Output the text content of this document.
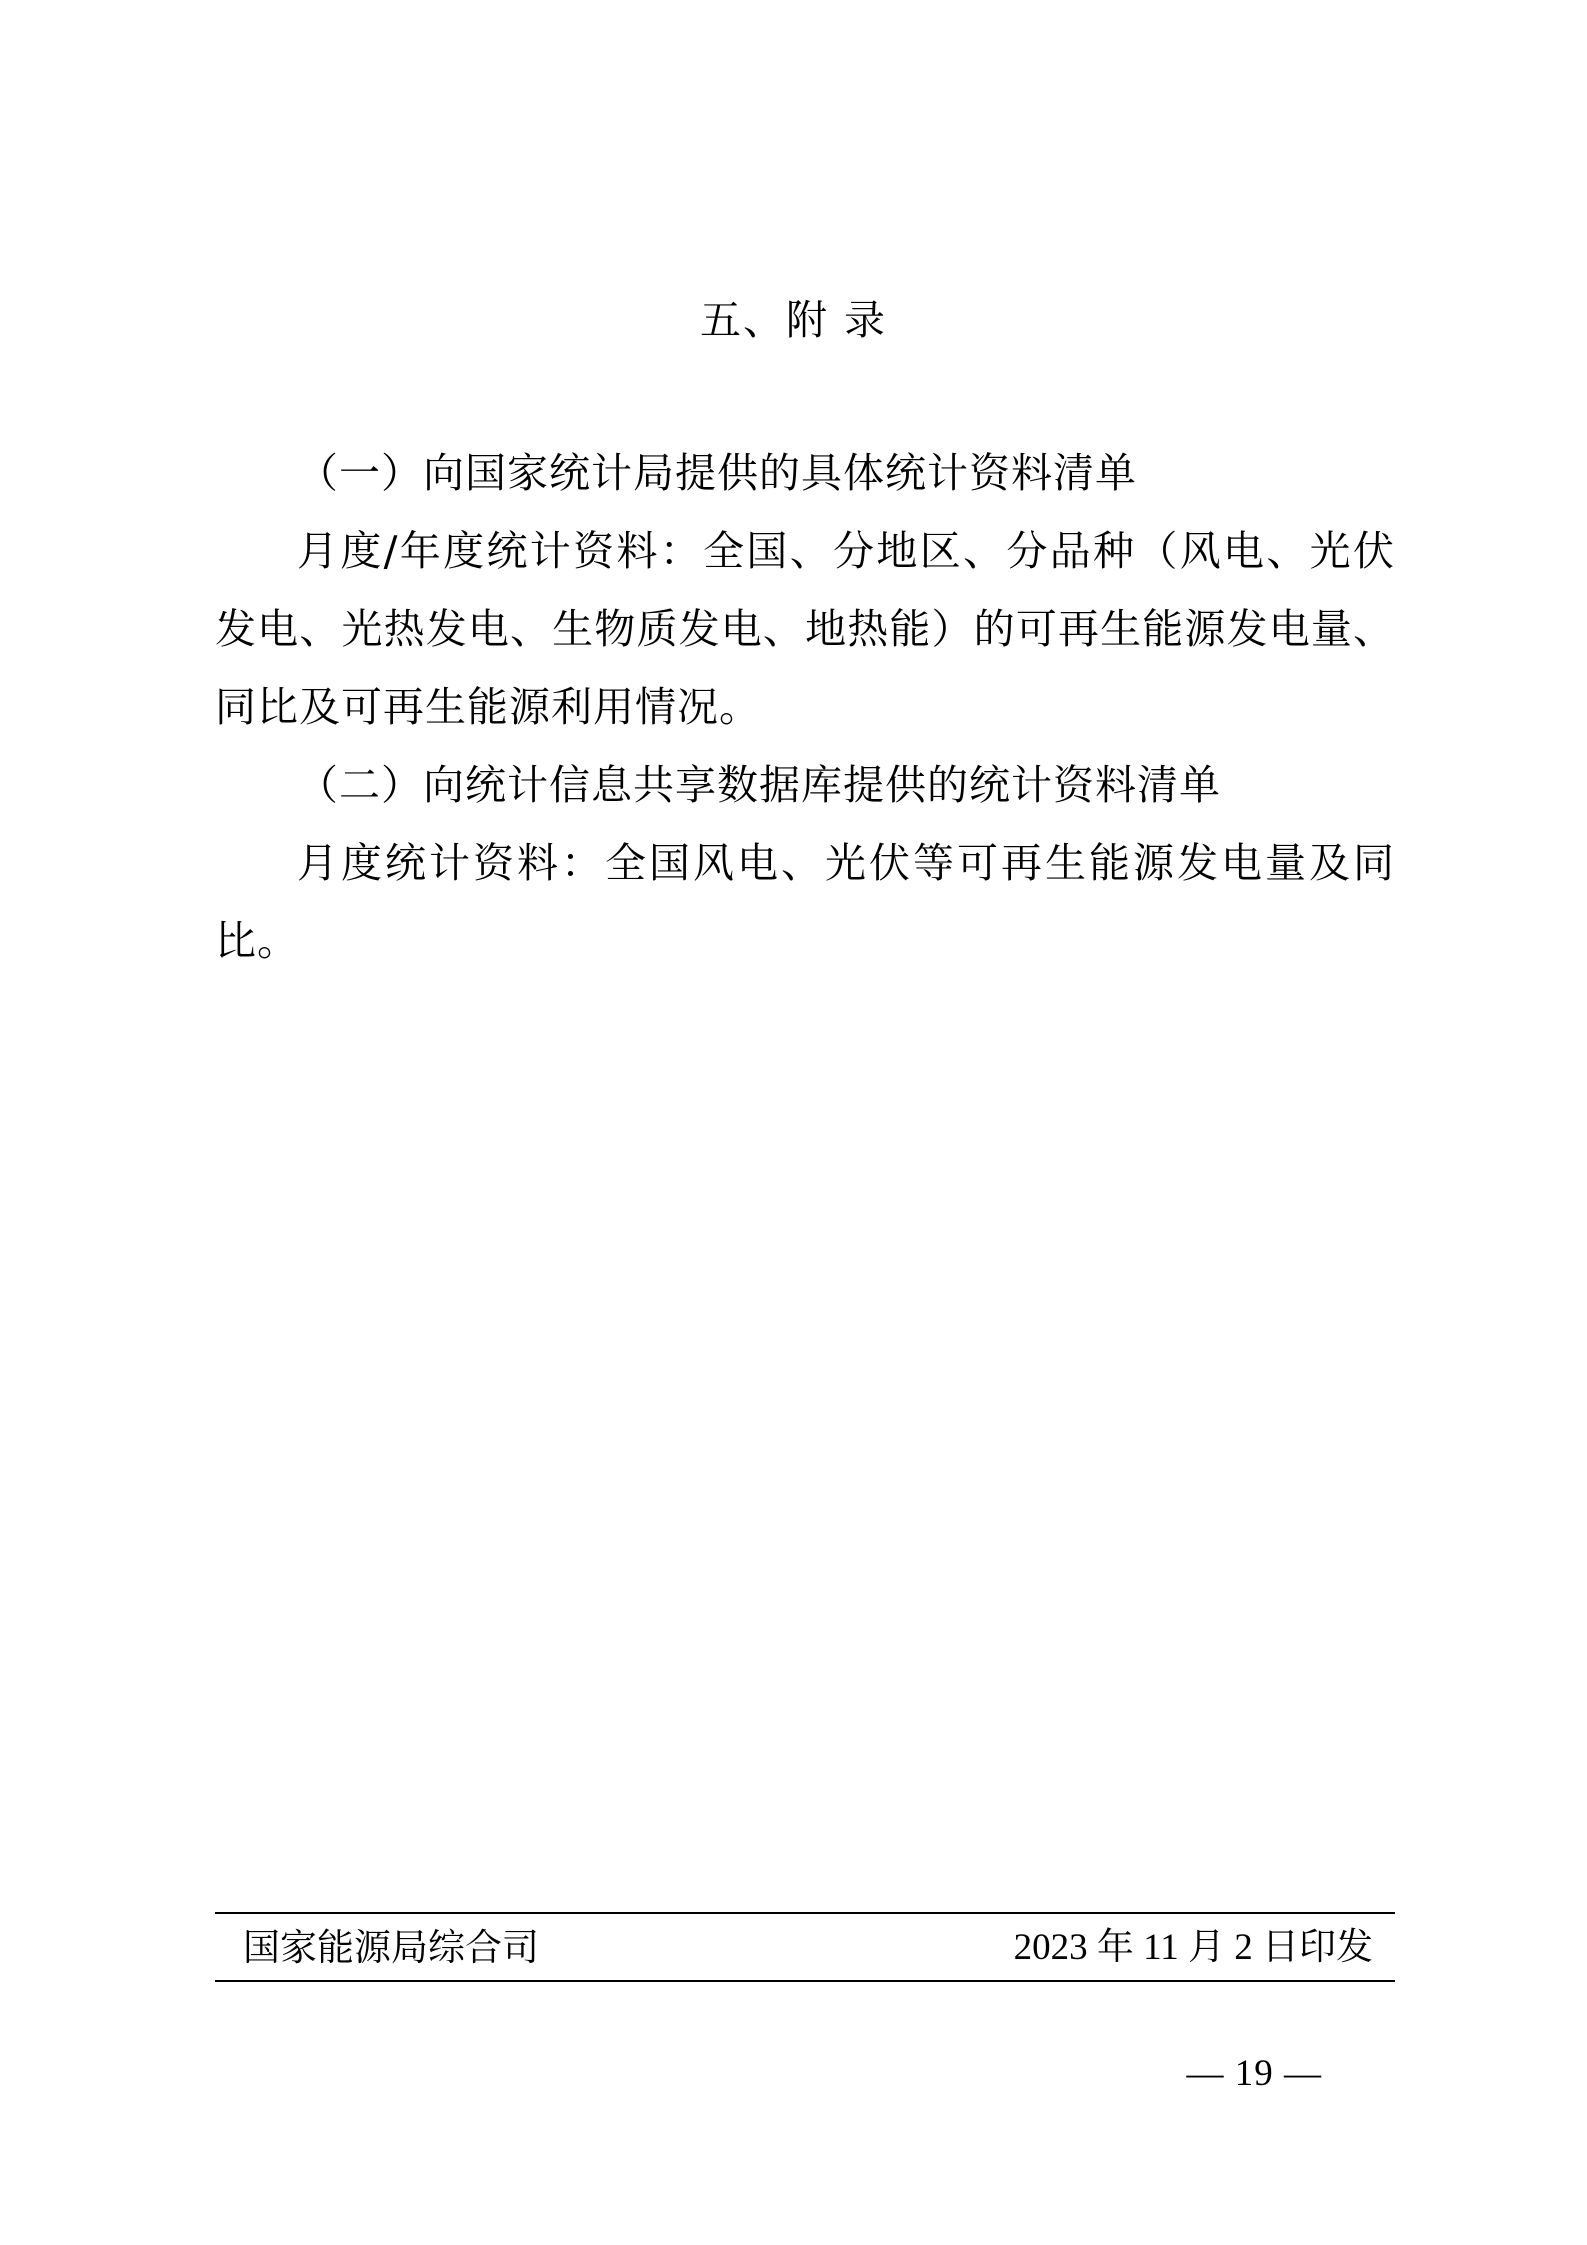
五、附 录

（一）向国家统计局提供的具体统计资料清单

月度/年度统计资料：全国、分地区、分品种（风电、光伏发电、光热发电、生物质发电、地热能）的可再生能源发电量、同比及可再生能源利用情况。

（二）向统计信息共享数据库提供的统计资料清单

月度统计资料：全国风电、光伏等可再生能源发电量及同比。

国家能源局综合司	2023 年 11 月 2 日印发
— 19 —
